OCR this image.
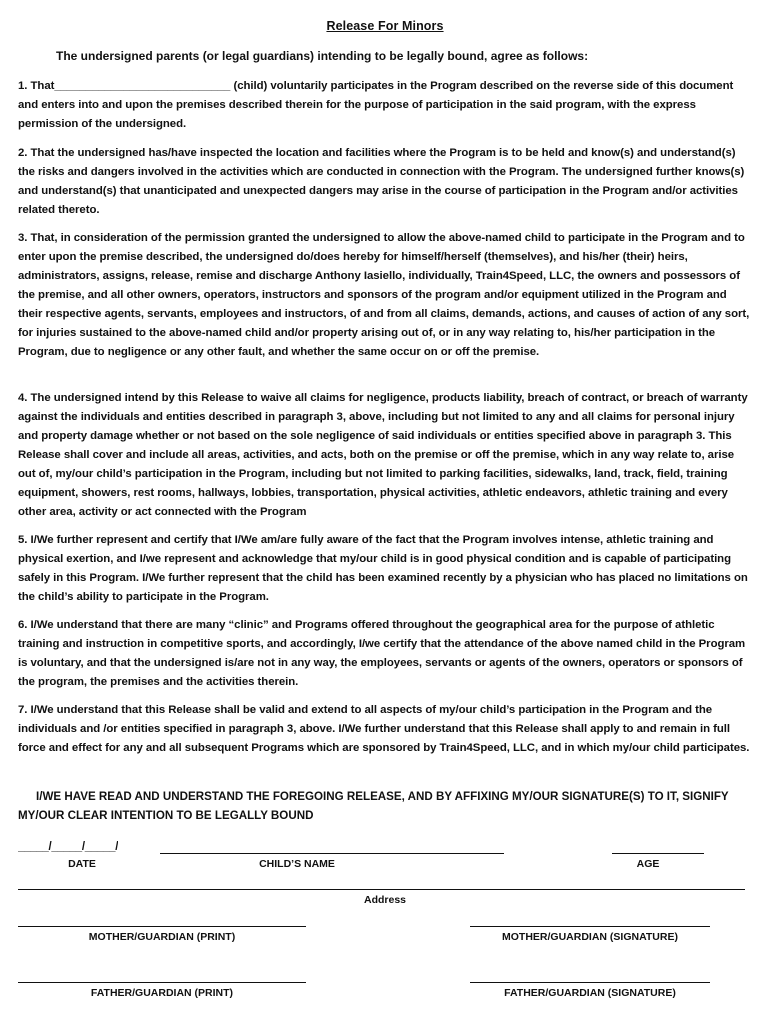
Release For Minors
The undersigned parents (or legal guardians) intending to be legally bound, agree as follows:
1. That____________________________ (child) voluntarily participates in the Program described on the reverse side of this document and enters into and upon the premises described therein for the purpose of participation in the said program, with the express permission of the undersigned.
2. That the undersigned has/have inspected the location and facilities where the Program is to be held and know(s) and understand(s) the risks and dangers involved in the activities which are conducted in connection with the Program. The undersigned further knows(s) and understand(s) that unanticipated and unexpected dangers may arise in the course of participation in the Program and/or activities related thereto.
3. That, in consideration of the permission granted the undersigned to allow the above-named child to participate in the Program and to enter upon the premise described, the undersigned do/does hereby for himself/herself (themselves), and his/her (their) heirs, administrators, assigns, release, remise and discharge Anthony Iasiello, individually, Train4Speed, LLC, the owners and possessors of the premise, and all other owners, operators, instructors and sponsors of the program and/or equipment utilized in the Program and their respective agents, servants, employees and instructors, of and from all claims, demands, actions, and causes of action of any sort, for injuries sustained to the above-named child and/or property arising out of, or in any way relating to, his/her participation in the Program, due to negligence or any other fault, and whether the same occur on or off the premise.
4. The undersigned intend by this Release to waive all claims for negligence, products liability, breach of contract, or breach of warranty against the individuals and entities described in paragraph 3, above, including but not limited to any and all claims for personal injury and property damage whether or not based on the sole negligence of said individuals or entities specified above in paragraph 3. This Release shall cover and include all areas, activities, and acts, both on the premise or off the premise, which in any way relate to, arise out of, my/our child’s participation in the Program, including but not limited to parking facilities, sidewalks, land, track, field, training equipment, showers, rest rooms, hallways, lobbies, transportation, physical activities, athletic endeavors, athletic training and every other area, activity or act connected with the Program
5. I/We further represent and certify that I/We am/are fully aware of the fact that the Program involves intense, athletic training and physical exertion, and I/we represent and acknowledge that my/our child is in good physical condition and is capable of participating safely in this Program. I/We further represent that the child has been examined recently by a physician who has placed no limitations on the child’s ability to participate in the Program.
6. I/We understand that there are many “clinic” and Programs offered throughout the geographical area for the purpose of athletic training and instruction in competitive sports, and accordingly, I/we certify that the attendance of the above named child in the Program is voluntary, and that the undersigned is/are not in any way, the employees, servants or agents of the owners, operators or sponsors of the program, the premises and the activities therein.
7. I/We understand that this Release shall be valid and extend to all aspects of my/our child’s participation in the Program and the individuals and /or entities specified in paragraph 3, above. I/We further understand that this Release shall apply to and remain in full force and effect for any and all subsequent Programs which are sponsored by Train4Speed, LLC, and in which my/our child participates.
I/WE HAVE READ AND UNDERSTAND THE FOREGOING RELEASE, AND BY AFFIXING MY/OUR SIGNATURE(S) TO IT, SIGNIFY MY/OUR CLEAR INTENTION TO BE LEGALLY BOUND
_____/_____/_____/
DATE	CHILD’S NAME	AGE
Address
MOTHER/GUARDIAN (PRINT)	MOTHER/GUARDIAN (SIGNATURE)
FATHER/GUARDIAN (PRINT)	FATHER/GUARDIAN (SIGNATURE)
